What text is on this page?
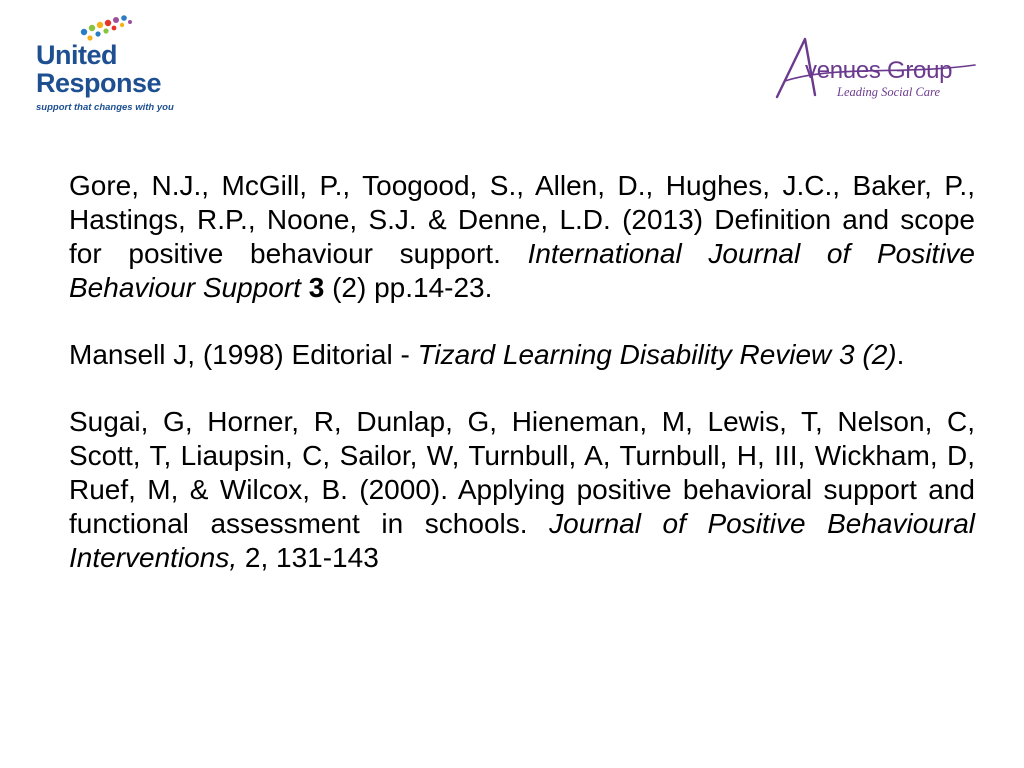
United
Response
support that changes with you
venues Group
Leading Social Care

Gore, N.J., McGill, P., Toogood, S., Allen, D., Hughes, J.C., Baker, P., Hastings, R.P., Noone, S.J. & Denne, L.D. (2013) Definition and scope for positive behaviour support. International Journal of Positive Behaviour Support 3 (2) pp.14-23.

Mansell J, (1998) Editorial - Tizard Learning Disability Review 3 (2).

Sugai, G, Horner, R, Dunlap, G, Hieneman, M, Lewis, T, Nelson, C, Scott, T, Liaupsin, C, Sailor, W, Turnbull, A, Turnbull, H, III, Wickham, D, Ruef, M, & Wilcox, B. (2000). Applying positive behavioral support and functional assessment in schools. Journal of Positive Behavioural Interventions, 2, 131-143
